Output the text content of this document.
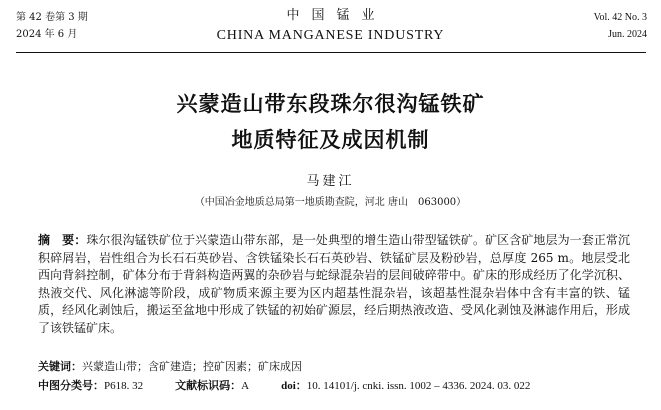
第 42 卷第 3 期
2024 年 6 月
中国锰业
CHINA MANGANESE INDUSTRY
Vol. 42 No. 3
Jun. 2024
兴蒙造山带东段珠尔很沟锰铁矿
地质特征及成因机制
马建江
（中国冶金地质总局第一地质勘查院，河北 唐山　063000）
摘　要：珠尔很沟锰铁矿位于兴蒙造山带东部，是一处典型的增生造山带型锰铁矿。矿区含矿地层为一套正常沉积碎屑岩，岩性组合为长石石英砂岩、含铁锰染长石石英砂岩、铁锰矿层及粉砂岩，总厚度 265 m。地层受北西向背斜控制，矿体分布于背斜构造两翼的杂砂岩与蛇绿混杂岩的层间破碎带中。矿床的形成经历了化学沉积、热液交代、风化淋滤等阶段，成矿物质来源主要为区内超基性混杂岩，该超基性混杂岩体中含有丰富的铁、锰质，经风化剥蚀后，搬运至盆地中形成了铁锰的初始矿源层，经后期热液改造、受风化剥蚀及淋滤作用后，形成了该铁锰矿床。
关键词：兴蒙造山带；含矿建造；控矿因素；矿床成因
中图分类号：P618. 32	文献标识码：A	doi：10. 14101/j. cnki. issn. 1002 – 4336. 2024. 03. 022
